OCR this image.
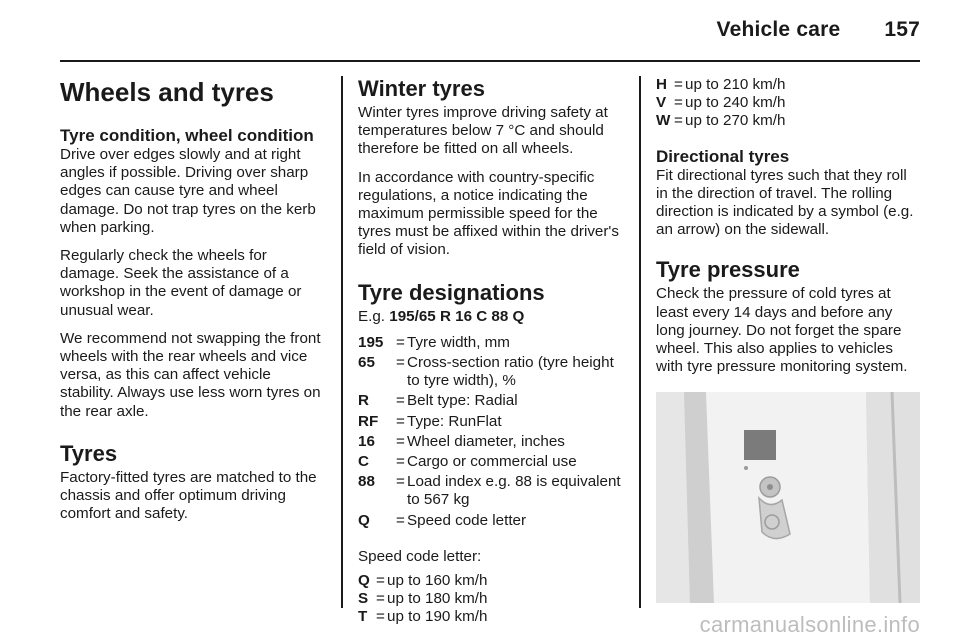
Vehicle care 157
Wheels and tyres
Tyre condition, wheel condition

Drive over edges slowly and at right angles if possible. Driving over sharp edges can cause tyre and wheel damage. Do not trap tyres on the kerb when parking.

Regularly check the wheels for damage. Seek the assistance of a workshop in the event of damage or unusual wear.

We recommend not swapping the front wheels with the rear wheels and vice versa, as this can affect vehicle stability. Always use less worn tyres on the rear axle.

Tyres

Factory-fitted tyres are matched to the chassis and offer optimum driving comfort and safety.

Winter tyres

Winter tyres improve driving safety at temperatures below 7 °C and should therefore be fitted on all wheels.

In accordance with country-specific regulations, a notice indicating the maximum permissible speed for the tyres must be affixed within the driver's field of vision.

Tyre designations
E.g. 195/65 R 16 C 88 Q
195 = Tyre width, mm
65	= Cross-section ratio (tyre height to tyre width), %
R	= Belt type: Radial
RF	= Type: RunFlat
16	= Wheel diameter, inches
C	= Cargo or commercial use
88	= Load index e.g. 88 is equivalent to 567 kg
Q	= Speed code letter

Speed code letter:

Q = up to 160 km/h
S = up to 180 km/h
T = up to 190 km/h
H = up to 210 km/h
V = up to 240 km/h
W = up to 270 km/h
Directional tyres

Fit directional tyres such that they roll in the direction of travel. The rolling direction is indicated by a symbol (e.g. an arrow) on the sidewall.

Tyre pressure

Check the pressure of cold tyres at least every 14 days and before any long journey. Do not forget the spare wheel. This also applies to vehicles with tyre pressure monitoring system.

carmanualsonline.info
